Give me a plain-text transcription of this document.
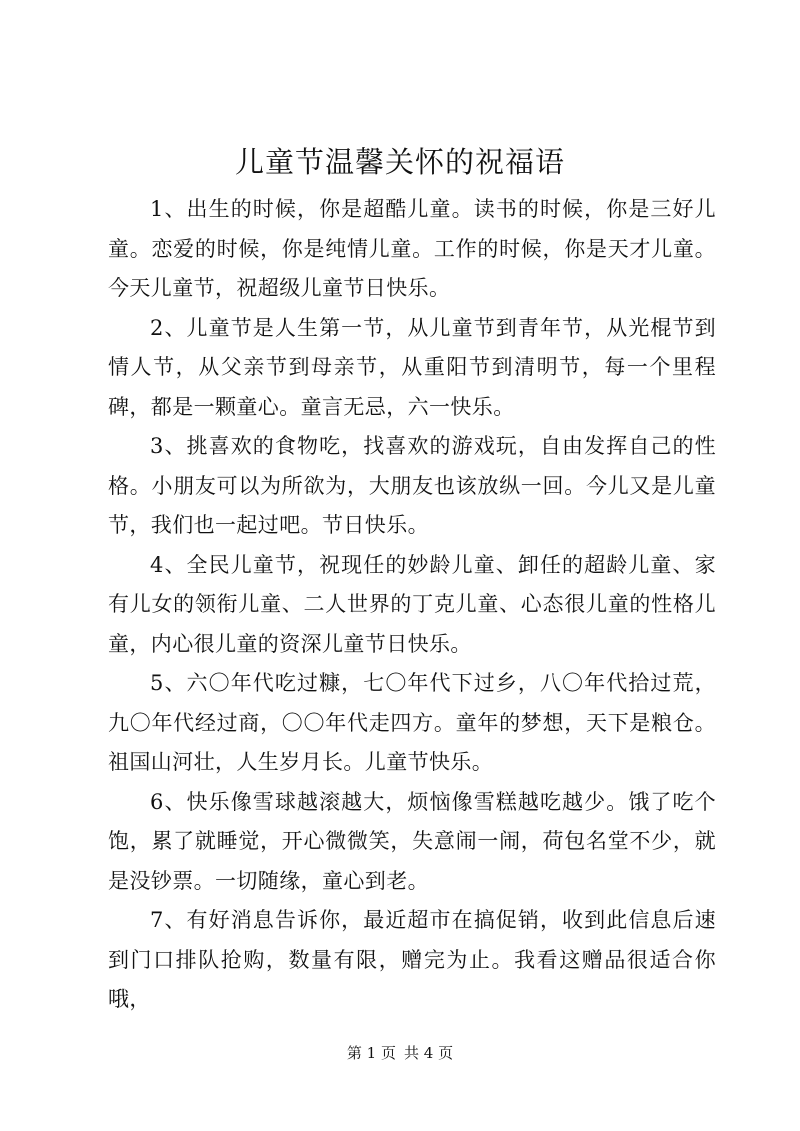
儿童节温馨关怀的祝福语

1、出生的时候，你是超酷儿童。读书的时候，你是三好儿童。恋爱的时候，你是纯情儿童。工作的时候，你是天才儿童。今天儿童节，祝超级儿童节日快乐。

2、儿童节是人生第一节，从儿童节到青年节，从光棍节到情人节，从父亲节到母亲节，从重阳节到清明节，每一个里程碑，都是一颗童心。童言无忌，六一快乐。

3、挑喜欢的食物吃，找喜欢的游戏玩，自由发挥自己的性格。小朋友可以为所欲为，大朋友也该放纵一回。今儿又是儿童节，我们也一起过吧。节日快乐。

4、全民儿童节，祝现任的妙龄儿童、卸任的超龄儿童、家有儿女的领衔儿童、二人世界的丁克儿童、心态很儿童的性格儿童，内心很儿童的资深儿童节日快乐。

5、六〇年代吃过糠，七〇年代下过乡，八〇年代拾过荒，九〇年代经过商，〇〇年代走四方。童年的梦想，天下是粮仓。祖国山河壮，人生岁月长。儿童节快乐。

6、快乐像雪球越滚越大，烦恼像雪糕越吃越少。饿了吃个饱，累了就睡觉，开心微微笑，失意闹一闹，荷包名堂不少，就是没钞票。一切随缘，童心到老。

7、有好消息告诉你，最近超市在搞促销，收到此信息后速到门口排队抢购，数量有限，赠完为止。我看这赠品很适合你哦，

第 1 页 共 4 页
